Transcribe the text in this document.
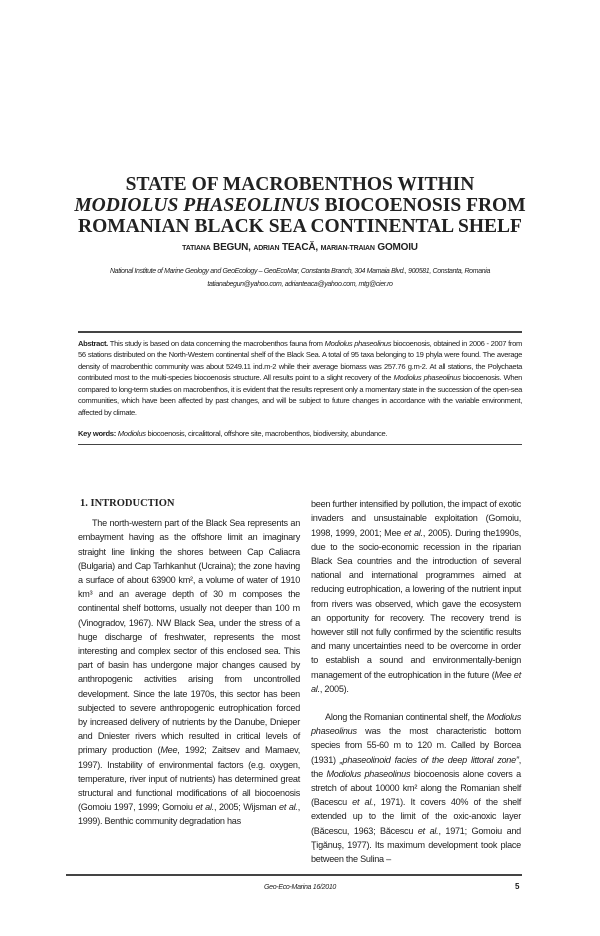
STATE OF MACROBENTHOS WITHIN
MODIOLUS PHASEOLINUS BIOCOENOSIS FROM
ROMANIAN BLACK SEA CONTINENTAL SHELF
TATIANA BEGUN, ADRIAN TEACĂ, MARIAN-TRAIAN GOMOIU
National Institute of Marine Geology and GeoEcology – GeoEcoMar, Constanta Branch, 304 Mamaia Blvd., 900581, Constanta, Romania
tatianabegun@yahoo.com, adrianteaca@yahoo.com, mtg@cier.ro
Abstract. This study is based on data concerning the macrobenthos fauna from Modiolus phaseolinus biocoenosis, obtained in 2006 - 2007 from 56 stations distributed on the North-Western continental shelf of the Black Sea. A total of 95 taxa belonging to 19 phyla were found. The average density of macrobenthic community was about 5249.11 ind.m-2 while their average biomass was 257.76 g.m-2. At all stations, the Polychaeta contributed most to the multi-species biocoenosis structure. All results point to a slight recovery of the Modiolus phaseolinus biocoenosis. When compared to long-term studies on macrobenthos, it is evident that the results represent only a momentary state in the succession of the open-sea communities, which have been affected by past changes, and will be subject to future changes in accordance with the variable environment, affected by climate.
Key words: Modiolus biocoenosis, circalittoral, offshore site, macrobenthos, biodiversity, abundance.
1. INTRODUCTION

The north-western part of the Black Sea represents an embayment having as the offshore limit an imaginary straight line linking the shores between Cap Caliacra (Bulgaria) and Cap Tarhkanhut (Ucraina); the zone having a surface of about 63900 km², a volume of water of 1910 km³ and an average depth of 30 m composes the continental shelf bottoms, usually not deeper than 100 m (Vinogradov, 1967). NW Black Sea, under the stress of a huge discharge of freshwater, represents the most interesting and complex sector of this enclosed sea. This part of basin has undergone major changes caused by anthropogenic activities arising from uncontrolled development. Since the late 1970s, this sector has been subjected to severe anthropogenic eutrophication forced by increased delivery of nutrients by the Danube, Dnieper and Dniester rivers which resulted in critical levels of primary production (Mee, 1992; Zaitsev and Mamaev, 1997). Instability of environmental factors (e.g. oxygen, temperature, river input of nutrients) has determined great structural and functional modifications of all biocoenosis (Gomoiu 1997, 1999; Gomoiu et al., 2005; Wijsman et al., 1999). Benthic community degradation has

been further intensified by pollution, the impact of exotic invaders and unsustainable exploitation (Gomoiu, 1998, 1999, 2001; Mee et al., 2005). During the1990s, due to the socio-economic recession in the riparian Black Sea countries and the introduction of several national and international programmes aimed at reducing eutrophication, a lowering of the nutrient input from rivers was observed, which gave the ecosystem an opportunity for recovery. The recovery trend is however still not fully confirmed by the scientific results and many uncertainties need to be overcome in order to establish a sound and environmentally-benign management of the eutrophication in the future (Mee et al., 2005).

Along the Romanian continental shelf, the Modiolus phaseolinus was the most characteristic bottom species from 55-60 m to 120 m. Called by Borcea (1931) „phaseolinoid facies of the deep littoral zone”, the Modiolus phaseolinus biocoenosis alone covers a stretch of about 10000 km² along the Romanian shelf (Bacescu et al., 1971). It covers 40% of the shelf extended up to the limit of the oxic-anoxic layer (Băcescu, 1963; Băcescu et al., 1971; Gomoiu and Ţigănuş, 1977). Its maximum development took place between the Sulina –

Geo-Eco-Marina 16/2010	5
